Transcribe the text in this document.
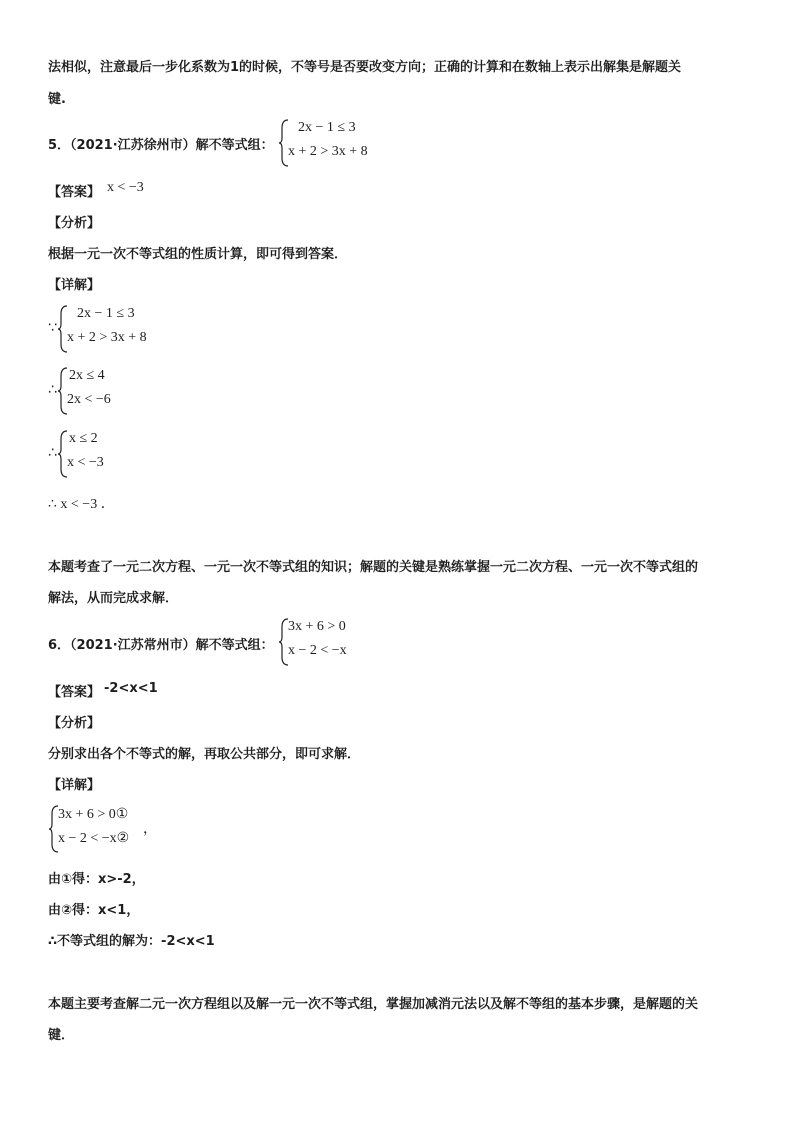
法相似，注意最后一步化系数为1的时候，不等号是否要改变方向；正确的计算和在数轴上表示出解集是解题关
键.
5．（2021·江苏徐州市）解不等式组：
2x − 1 ≤ 3
x + 2 > 3x + 8
【答案】 x < −3
【分析】
根据一元一次不等式组的性质计算，即可得到答案．
【详解】
∵
2x − 1 ≤ 3
x + 2 > 3x + 8
∴
2x ≤ 4
2x < −6
∴
x ≤ 2
x < −3
∴ x < −3 ．
本题考查了一元二次方程、一元一次不等式组的知识；解题的关键是熟练掌握一元二次方程、一元一次不等式组的
解法，从而完成求解．
6．（2021·江苏常州市）解不等式组：
3x + 6 > 0
x − 2 < −x
【答案】 -2<x<1
【分析】
分别求出各个不等式的解，再取公共部分，即可求解．
【详解】
3x + 6 > 0①
x − 2 < −x②
，
由①得：x>-2，
由②得：x<1，
∴不等式组的解为：-2<x<1
本题主要考查解二元一次方程组以及解一元一次不等式组，掌握加减消元法以及解不等组的基本步骤，是解题的关
键．
